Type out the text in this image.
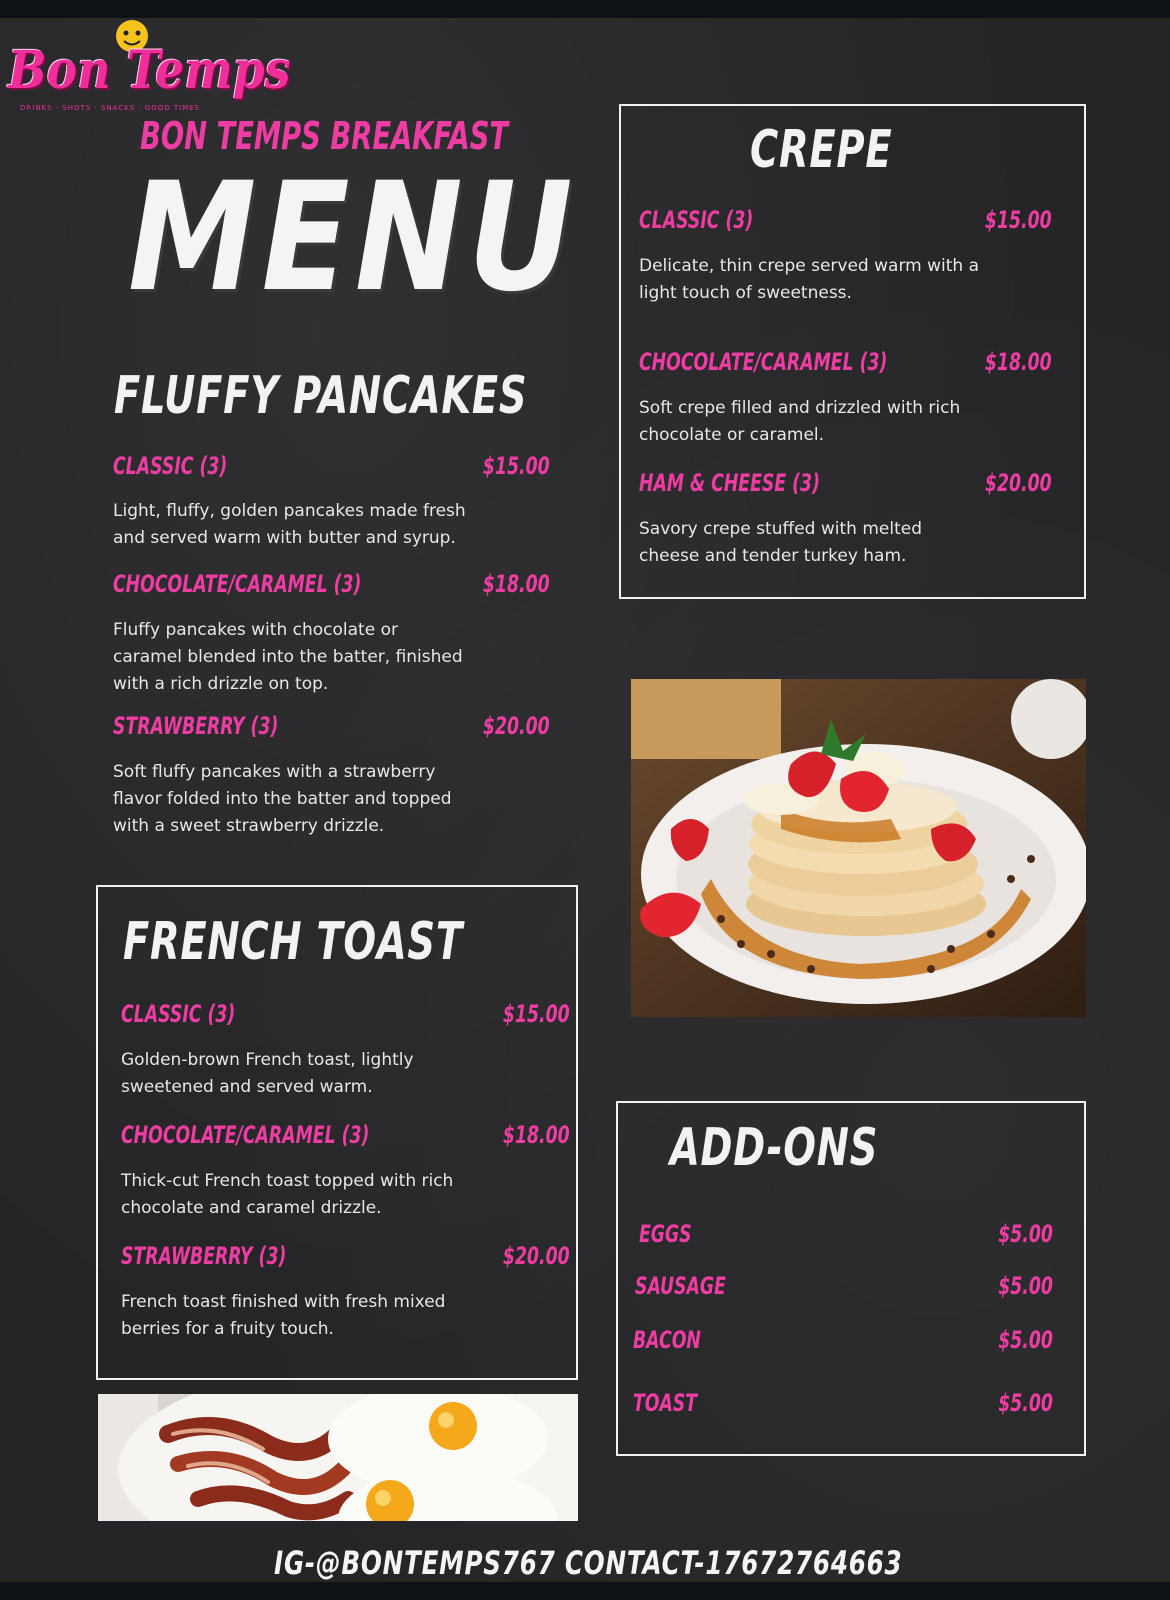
Bon Temps
DRINKS · SHOTS · SNACKS · GOOD TIMES
BON TEMPS BREAKFAST
MENU
FLUFFY PANCAKES
CLASSIC (3)	$15.00
Light, fluffy, golden pancakes made fresh
and served warm with butter and syrup.
CHOCOLATE/CARAMEL (3)	$18.00
Fluffy pancakes with chocolate or
caramel blended into the batter, finished
with a rich drizzle on top.
STRAWBERRY (3)	$20.00
Soft fluffy pancakes with a strawberry
flavor folded into the batter and topped
with a sweet strawberry drizzle.
CREPE
CLASSIC (3)	$15.00
Delicate, thin crepe served warm with a
light touch of sweetness.
CHOCOLATE/CARAMEL (3)	$18.00
Soft crepe filled and drizzled with rich
chocolate or caramel.
HAM & CHEESE (3)	$20.00
Savory crepe stuffed with melted
cheese and tender turkey ham.
FRENCH TOAST
CLASSIC (3)	$15.00
Golden-brown French toast, lightly
sweetened and served warm.
CHOCOLATE/CARAMEL (3)	$18.00
Thick-cut French toast topped with rich
chocolate and caramel drizzle.
STRAWBERRY (3)	$20.00
French toast finished with fresh mixed
berries for a fruity touch.
ADD-ONS
EGGS	$5.00
SAUSAGE	$5.00
BACON	$5.00
TOAST	$5.00
IG-@BONTEMPS767 CONTACT-17672764663
